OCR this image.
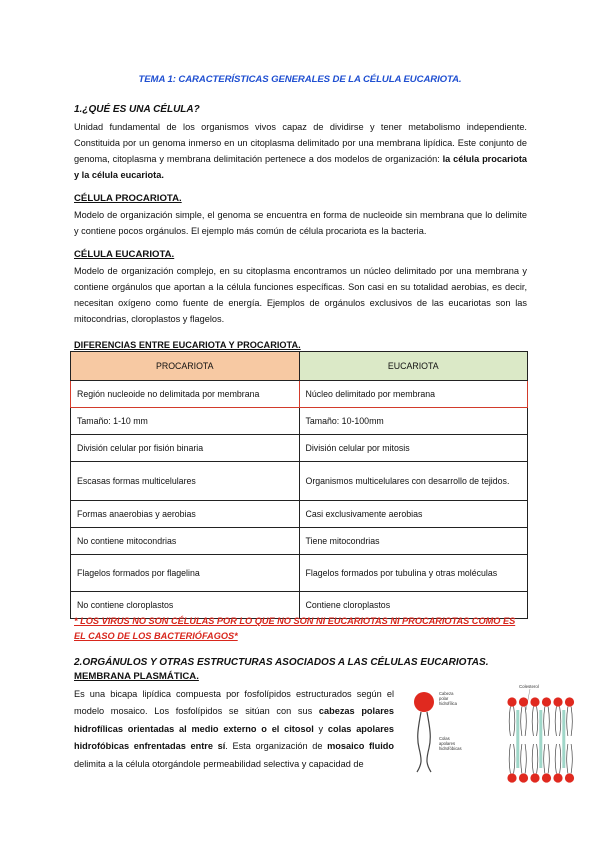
TEMA 1: CARACTERÍSTICAS GENERALES DE LA CÉLULA EUCARIOTA.
1.¿QUÉ ES UNA CÉLULA?
Unidad fundamental de los organismos vivos capaz de dividirse y tener metabolismo independiente. Constituida por un genoma inmerso en un citoplasma delimitado por una membrana lipídica. Este conjunto de genoma, citoplasma y membrana delimitación pertenece a dos modelos de organización: la célula procariota y la célula eucariota.
CÉLULA PROCARIOTA.
Modelo de organización simple, el genoma se encuentra en forma de nucleoide sin membrana que lo delimite y contiene pocos orgánulos. El ejemplo más común de célula procariota es la bacteria.
CÉLULA EUCARIOTA.
Modelo de organización complejo, en su citoplasma encontramos un núcleo delimitado por una membrana y contiene orgánulos que aportan a la célula funciones específicas. Son casi en su totalidad aerobias, es decir, necesitan oxígeno como fuente de energía. Ejemplos de orgánulos exclusivos de las eucariotas son las mitocondrias, cloroplastos y flagelos.
DIFERENCIAS ENTRE EUCARIOTA Y PROCARIOTA.
PROCARIOTA	EUCARIOTA
Región nucleoide no delimitada por membrana	Núcleo delimitado por membrana
Tamaño: 1-10 mm	Tamaño: 10-100mm
División celular por fisión binaria	División celular por mitosis
Escasas formas multicelulares	Organismos multicelulares con desarrollo de tejidos.
Formas anaerobias y aerobias	Casi exclusivamente aerobias
No contiene mitocondrias	Tiene mitocondrias
Flagelos formados por flagelina	Flagelos formados por tubulina y otras moléculas
No contiene cloroplastos	Contiene cloroplastos
* LOS VIRUS NO SON CÉLULAS POR LO QUE NO SON NI EUCARIOTAS NI PROCARIOTAS COMO ES EL CASO DE LOS BACTERIÓFAGOS*
2.ORGÁNULOS Y OTRAS ESTRUCTURAS ASOCIADOS A LAS CÉLULAS EUCARIOTAS.
MEMBRANA PLASMÁTICA.
Es una bicapa lipídica compuesta por fosfolípidos estructurados según el modelo mosaico. Los fosfolípidos se sitúan con sus cabezas polares hidrofílicas orientadas al medio externo o el citosol y colas apolares hidrofóbicas enfrentadas entre sí. Esta organización de mosaico fluido delimita a la célula otorgándole permeabilidad selectiva y capacidad de
Cabeza
polar
hidrofílica
Colas
apolares
hidrofóbicas
Colesterol
